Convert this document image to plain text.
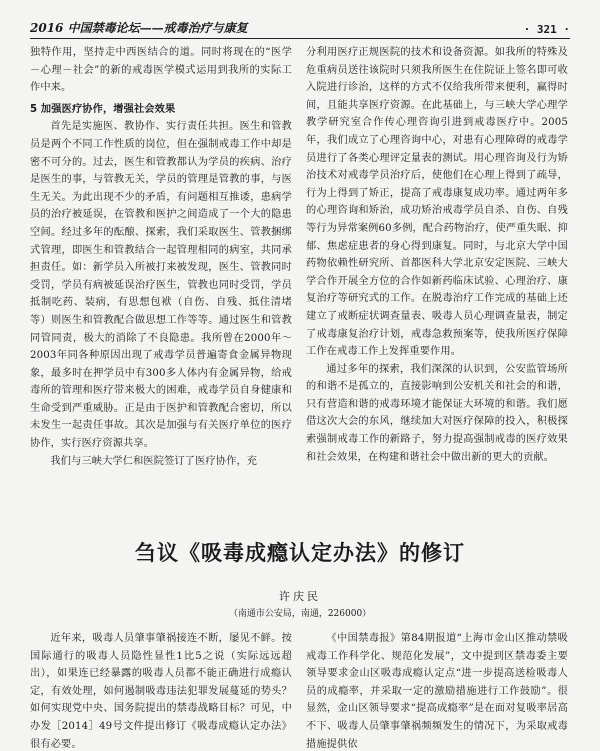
2016 中国禁毒论坛——戒毒治疗与康复	· 321 ·

独特作用，坚持走中西医结合的道。同时将现在的“医学－心理－社会”的新的戒毒医学模式运用到我所的实际工作中来。

5 加强医疗协作，增强社会效果

首先是实施医、教协作、实行责任共担。医生和管教员是两个不同工作性质的岗位，但在强制戒毒工作中却是密不可分的。过去，医生和管教都认为学员的疾病、治疗是医生的事，与管教无关，学员的管理是管教的事，与医生无关。为此出现不少的矛盾，有问题相互推诿，患病学员的治疗被延误，在管教和医护之间造成了一个大的隐患空间。经过多年的酝酿、探索，我们采取医生、管教捆绑式管理，即医生和管教结合一起管理相同的病室，共同承担责任。如：新学员入所被打来被发现，医生、管教同时受罚，学员有病被延误治疗医生，管教也同时受罚，学员抵制吃药、装病，有思想包袱（自伤、自残、抵住清堵等）则医生和管教配合做思想工作等等。通过医生和管教同管同责，极大的消除了不良隐患。我所曾在2000年～2003年同各种原因出现了戒毒学员普遍寄食金属异物现象，最多时在押学员中有300多人体内有金属异物，给戒毒所的管理和医疗带来极大的困难，戒毒学员自身健康和生命受到严重威胁。正是由于医护和管教配合密切，所以未发生一起责任事故。其次是加强与有关医疗单位的医疗协作，实行医疗资源共享。

我们与三峡大学仁和医院签订了医疗协作，充

分利用医疗正规医院的技术和设备资源。如我所的特殊及危重病员送往该院时只须我所医生在住院证上签名即可收入院进行诊治，这样的方式不仅给我所带来便利，赢得时间，且能共享医疗资源。在此基础上，与三峡大学心理学教学研究室合作传心理咨询引进到戒毒医疗中。2005年，我们成立了心理咨询中心，对患有心理障碍的戒毒学员进行了各类心理评定量表的测试。用心理咨询及行为矫治技术对戒毒学员治疗后，使他们在心理上得到了疏导，行为上得到了矫正，提高了戒毒康复成功率。通过两年多的心理咨询和矫治，成功矫治戒毒学员自杀、自伤、自残等行为异常案例60多例，配合药物治疗，使严重失眠、抑郁、焦虑症患者的身心得到康复。同时，与北京大学中国药物依赖性研究所、首都医科大学北京安定医院、三峡大学合作开展全方位的合作如新药临床试验、心理治疗、康复治疗等研究式的工作。在脱毒治疗工作完成的基础上还建立了戒断症状调查量表、吸毒人员心理调查量表，制定了戒毒康复治疗计划，戒毒急救预案等，使我所医疗保障工作在戒毒工作上发挥重要作用。

通过多年的探索，我们深深的认识到，公安监管场所的和谐不是孤立的，直接影响到公安机关和社会的和谐，只有营造和谐的戒毒环境才能保证大环境的和谐。我们愿借这次大会的东风，继续加大对医疗保障的投入，积极探索强制戒毒工作的新路子，努力提高强制戒毒的医疗效果和社会效果，在构建和谐社会中做出新的更大的贡献。

刍议《吸毒成瘾认定办法》的修订
许庆民
（南通市公安局，南通，226000）

近年来，吸毒人员肇事肇祸接连不断，屡见不鲜。按国际通行的吸毒人员隐性显性1比5之说（实际远远超出），如果连已经暴露的吸毒人员都不能正确进行成瘾认定，有效处理，如何遏制吸毒违法犯罪发展蔓延的势头？如何实现党中央、国务院提出的禁毒战略目标？可见，中办发［2014］49号文件提出修订《吸毒成瘾认定办法》很有必要。

《中国禁毒报》第84期报道“上海市金山区推动禁吸戒毒工作科学化、规范化发展”，文中提到区禁毒委主要领导要求金山区吸毒成瘾认定点“进一步提高送检吸毒人员的成瘾率，并采取一定的激励措施进行工作鼓励”。很显然，金山区领导要求“提高成瘾率”是在面对复吸率居高不下、吸毒人员肇事肇祸频频发生的情况下，为采取戒毒措施提供依
